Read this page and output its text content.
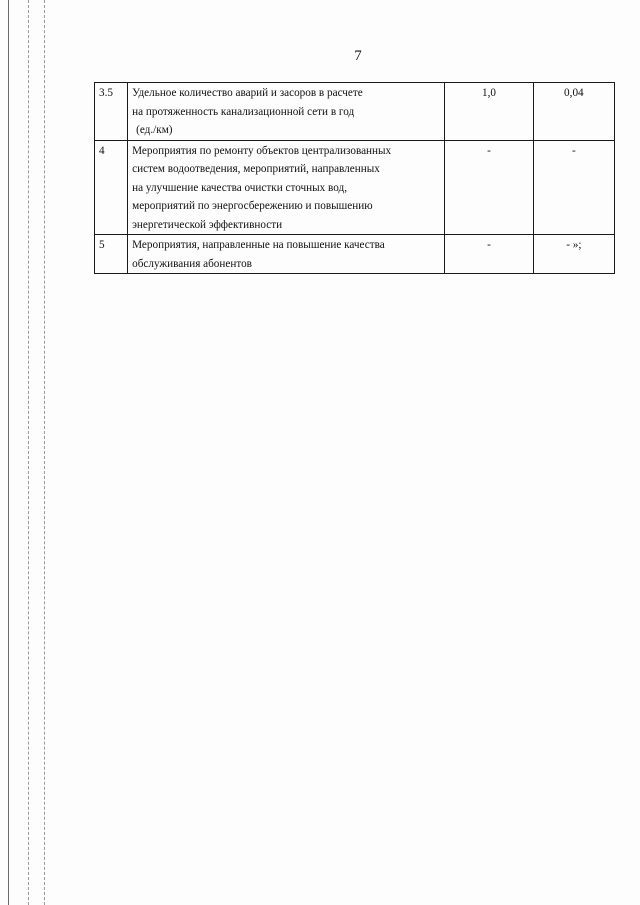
7
3.5	Удельное количество аварий и засоров в расчете
на протяженность канализационной сети в год
(ед./км)	1,0	0,04
4	Мероприятия по ремонту объектов централизованных
систем водоотведения, мероприятий, направленных
на улучшение качества очистки сточных вод,
мероприятий по энергосбережению и повышению
энергетической эффективности	-	-
5	Мероприятия, направленные на повышение качества
обслуживания абонентов	-	- »;
